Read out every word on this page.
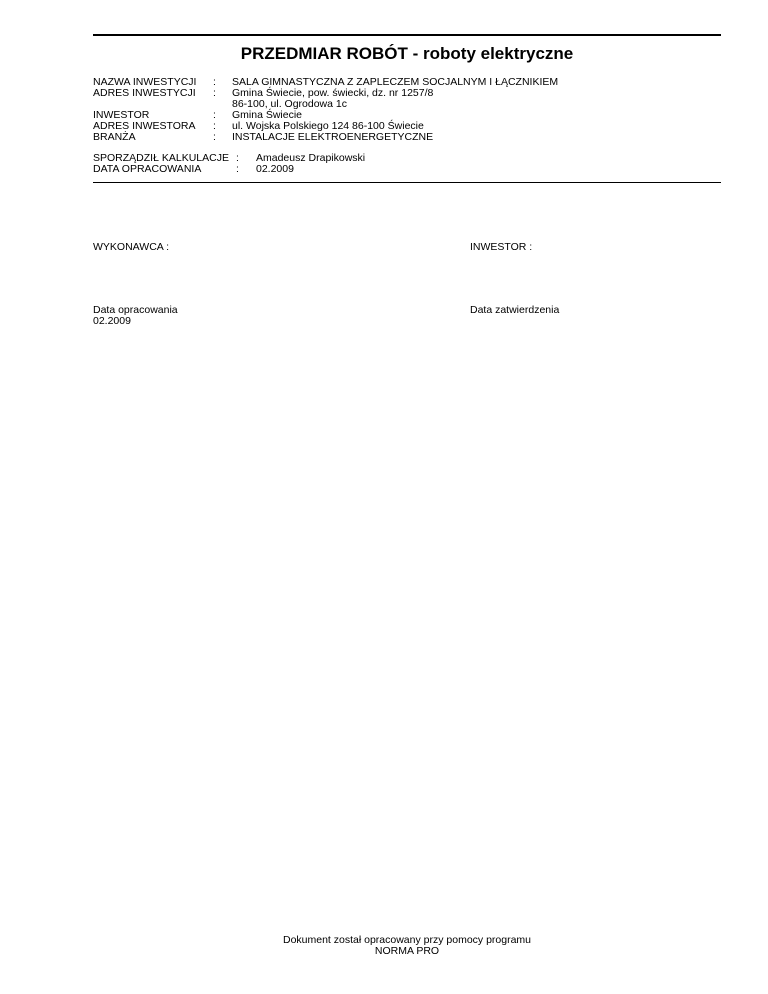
PRZEDMIAR ROBÓT - roboty elektryczne
NAZWA INWESTYCJI : SALA GIMNASTYCZNA Z ZAPLECZEM SOCJALNYM I ŁĄCZNIKIEM
ADRES INWESTYCJI : Gmina Świecie, pow. świecki, dz. nr 1257/8
86-100, ul. Ogrodowa 1c
INWESTOR	: Gmina Świecie
ADRES INWESTORA : ul. Wojska Polskiego 124 86-100 Świecie
BRANŻA	: INSTALACJE ELEKTROENERGETYCZNE
SPORZĄDZIŁ KALKULACJE : Amadeusz Drapikowski
DATA OPRACOWANIA	: 02.2009
WYKONAWCA :	INWESTOR :
Data opracowania
02.2009
Data zatwierdzenia
Dokument został opracowany przy pomocy programu
NORMA PRO
